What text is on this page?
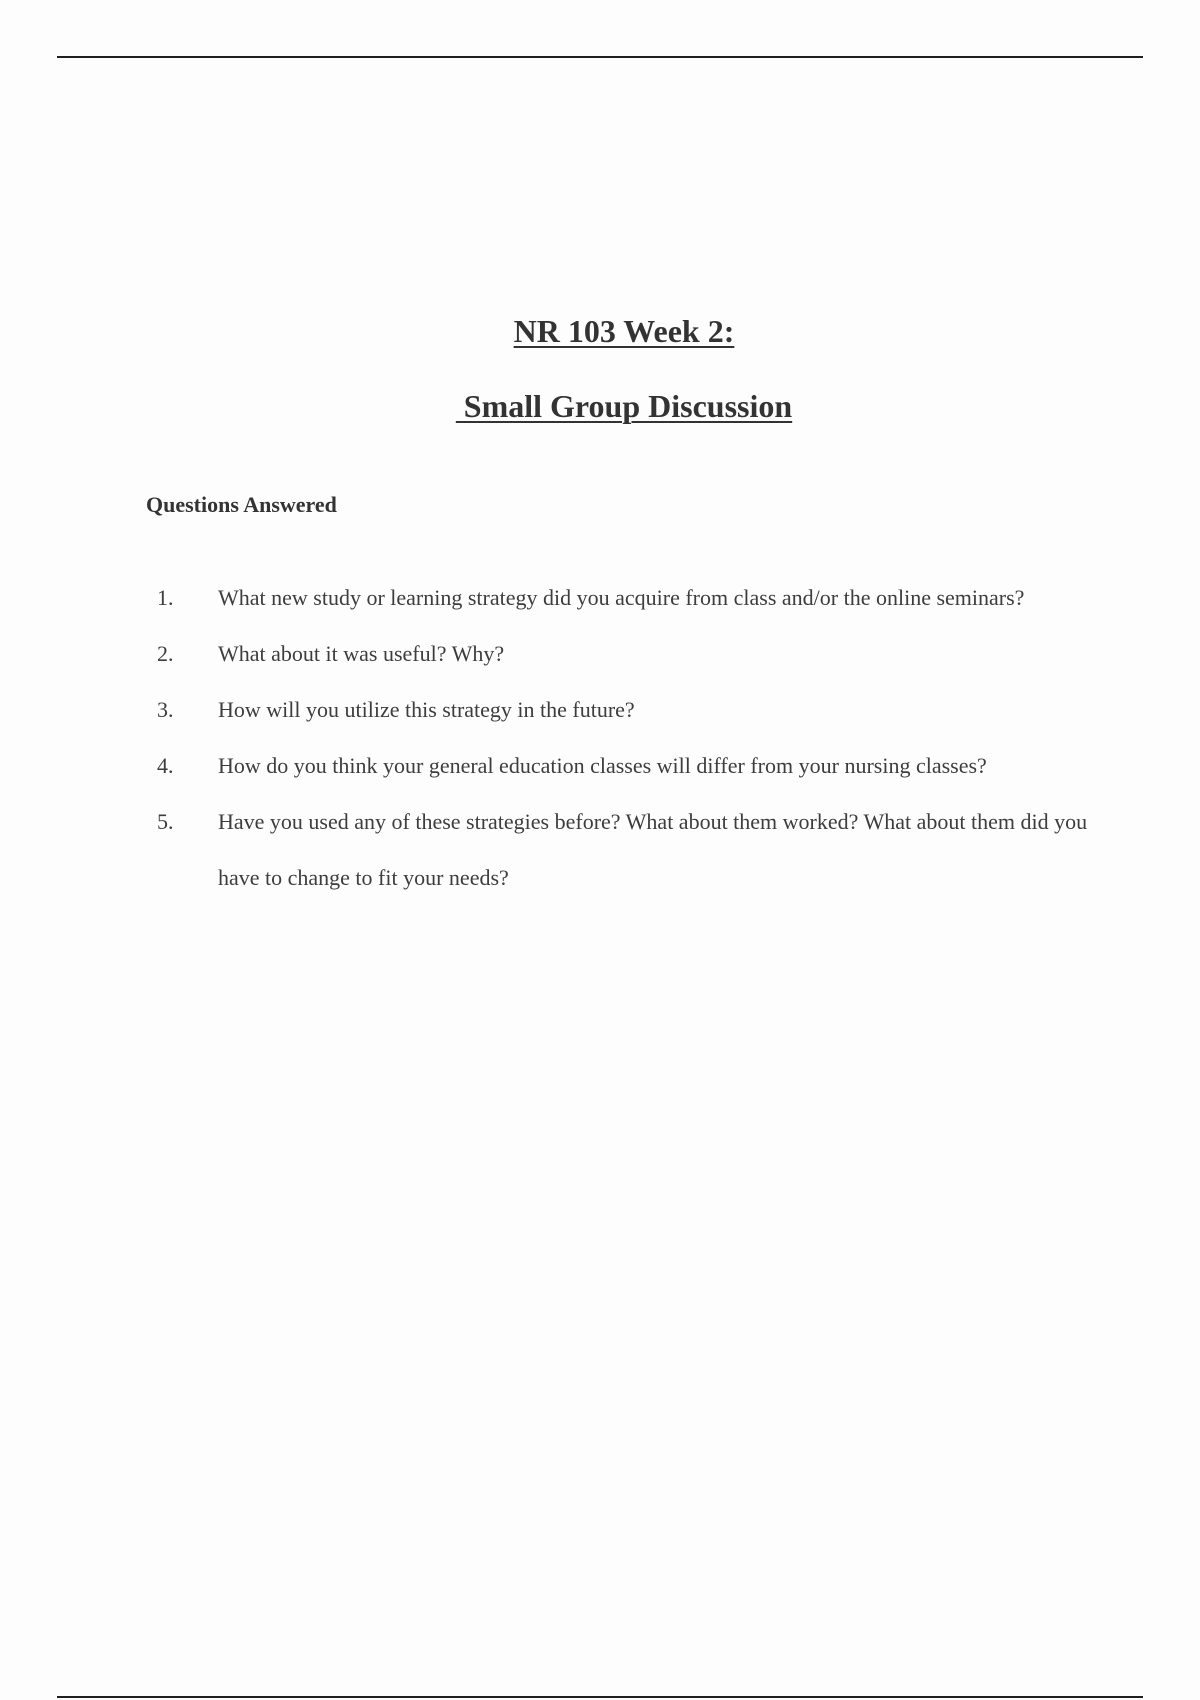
NR 103 Week 2:
Small Group Discussion
Questions Answered
1. What new study or learning strategy did you acquire from class and/or the online seminars?
2. What about it was useful? Why?
3. How will you utilize this strategy in the future?
4. How do you think your general education classes will differ from your nursing classes?
5. Have you used any of these strategies before? What about them worked? What about them did you have to change to fit your needs?
